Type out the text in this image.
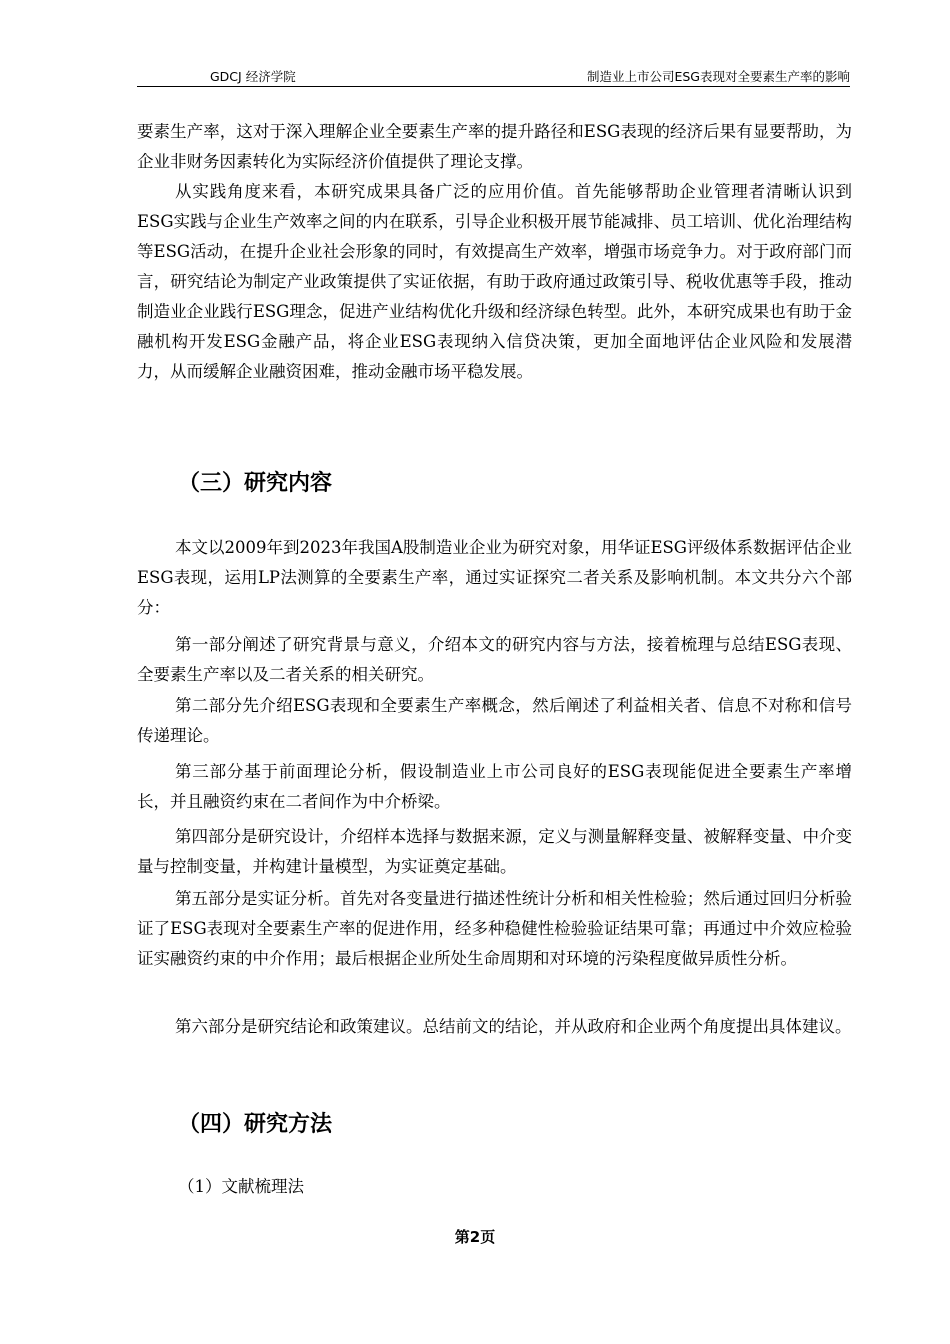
GDCJ 经济学院	制造业上市公司ESG表现对全要素生产率的影响

要素生产率，这对于深入理解企业全要素生产率的提升路径和ESG表现的经济后果有显要帮助，为企业非财务因素转化为实际经济价值提供了理论支撑。

从实践角度来看，本研究成果具备广泛的应用价值。首先能够帮助企业管理者清晰认识到ESG实践与企业生产效率之间的内在联系，引导企业积极开展节能减排、员工培训、优化治理结构等ESG活动，在提升企业社会形象的同时，有效提高生产效率，增强市场竞争力。对于政府部门而言，研究结论为制定产业政策提供了实证依据，有助于政府通过政策引导、税收优惠等手段，推动制造业企业践行ESG理念，促进产业结构优化升级和经济绿色转型。此外，本研究成果也有助于金融机构开发ESG金融产品，将企业ESG表现纳入信贷决策，更加全面地评估企业风险和发展潜力，从而缓解企业融资困难，推动金融市场平稳发展。

（三）研究内容

本文以2009年到2023年我国A股制造业企业为研究对象，用华证ESG评级体系数据评估企业ESG表现，运用LP法测算的全要素生产率，通过实证探究二者关系及影响机制。本文共分六个部分：

第一部分阐述了研究背景与意义，介绍本文的研究内容与方法，接着梳理与总结ESG表现、全要素生产率以及二者关系的相关研究。

第二部分先介绍ESG表现和全要素生产率概念，然后阐述了利益相关者、信息不对称和信号传递理论。

第三部分基于前面理论分析，假设制造业上市公司良好的ESG表现能促进全要素生产率增长，并且融资约束在二者间作为中介桥梁。

第四部分是研究设计，介绍样本选择与数据来源，定义与测量解释变量、被解释变量、中介变量与控制变量，并构建计量模型，为实证奠定基础。

第五部分是实证分析。首先对各变量进行描述性统计分析和相关性检验；然后通过回归分析验证了ESG表现对全要素生产率的促进作用，经多种稳健性检验验证结果可靠；再通过中介效应检验证实融资约束的中介作用；最后根据企业所处生命周期和对环境的污染程度做异质性分析。

第六部分是研究结论和政策建议。总结前文的结论，并从政府和企业两个角度提出具体建议。

（四）研究方法

（1）文献梳理法

第2页
